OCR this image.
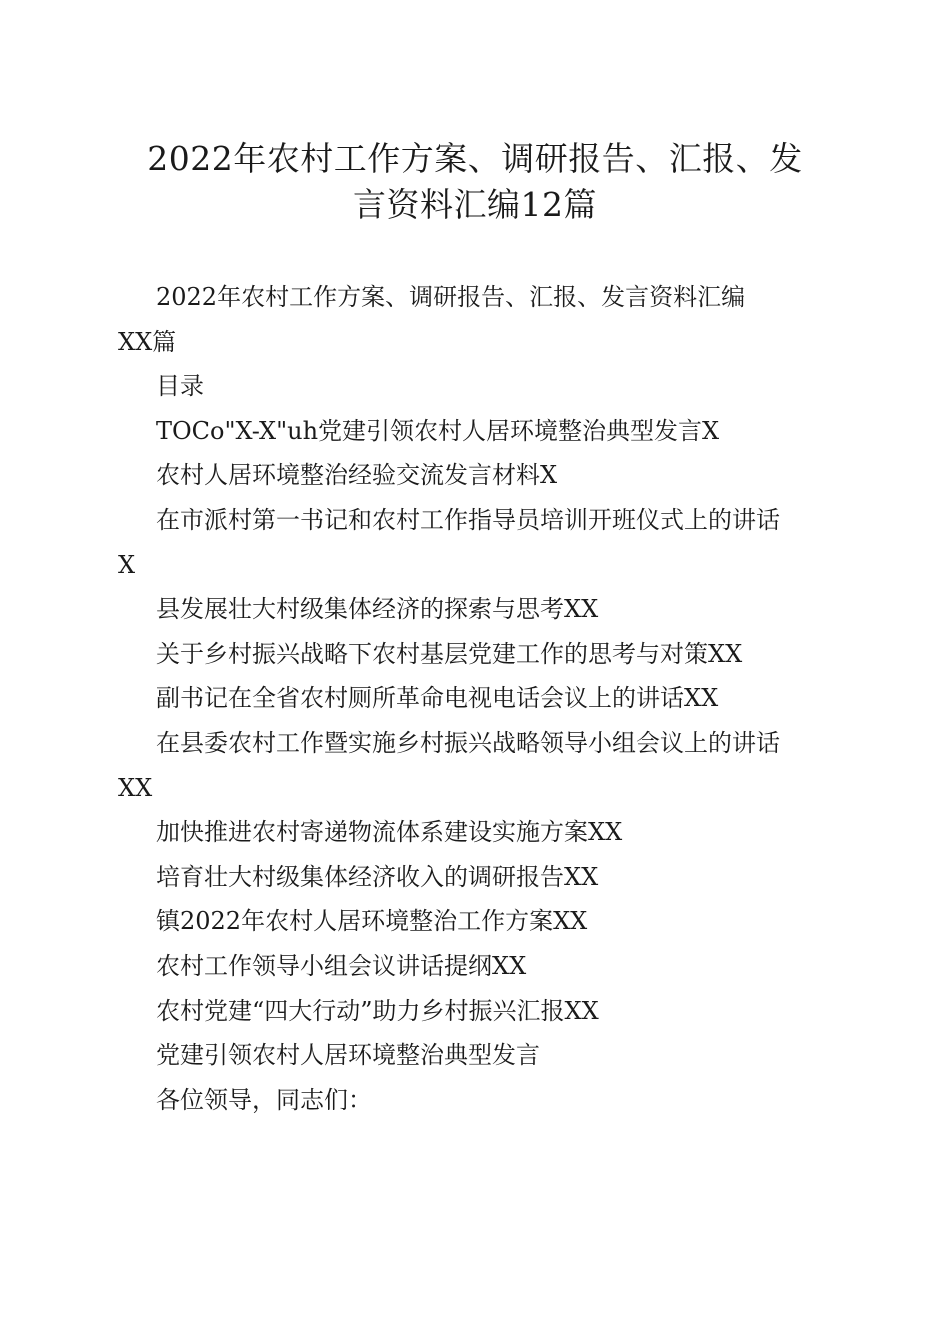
2022年农村工作方案、调研报告、汇报、发
言资料汇编12篇

2022年农村工作方案、调研报告、汇报、发言资料汇编
XX篇

目录

TOCo"X-X"uh党建引领农村人居环境整治典型发言X

农村人居环境整治经验交流发言材料X

在市派村第一书记和农村工作指导员培训开班仪式上的讲话
X

县发展壮大村级集体经济的探索与思考XX

关于乡村振兴战略下农村基层党建工作的思考与对策XX

副书记在全省农村厕所革命电视电话会议上的讲话XX

在县委农村工作暨实施乡村振兴战略领导小组会议上的讲话
XX

加快推进农村寄递物流体系建设实施方案XX

培育壮大村级集体经济收入的调研报告XX

镇2022年农村人居环境整治工作方案XX

农村工作领导小组会议讲话提纲XX

农村党建“四大行动”助力乡村振兴汇报XX

党建引领农村人居环境整治典型发言

各位领导，同志们：
